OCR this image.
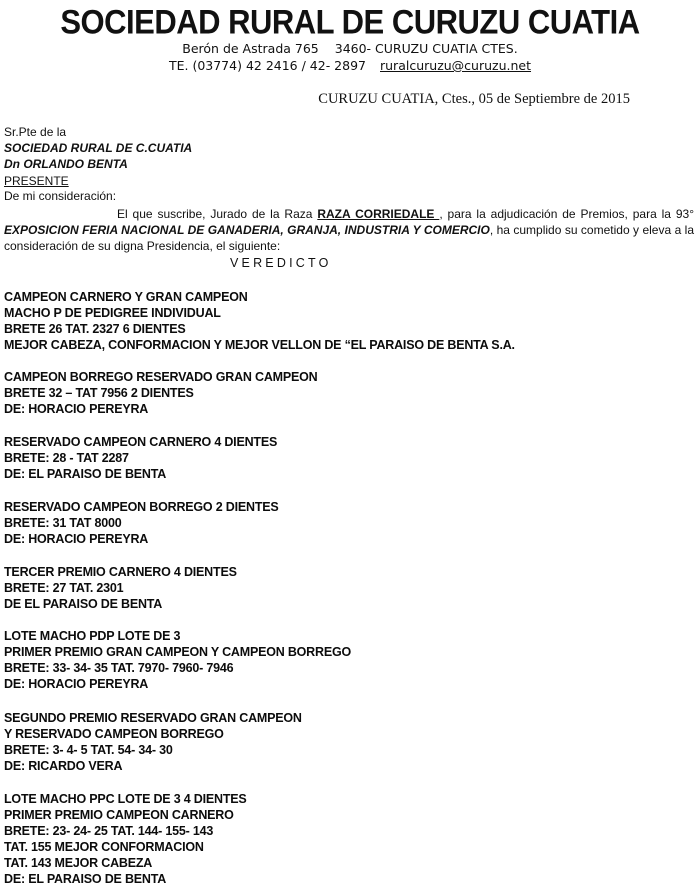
SOCIEDAD RURAL DE CURUZU CUATIA
Berón de Astrada 765 3460- CURUZU CUATIA CTES.
TE. (03774) 42 2416 / 42- 2897 ruralcuruzu@curuzu.net
CURUZU CUATIA, Ctes., 05 de Septiembre de 2015
Sr.Pte de la
SOCIEDAD RURAL DE C.CUATIA
Dn ORLANDO BENTA
PRESENTE
De mi consideración:
El que suscribe, Jurado de la Raza RAZA CORRIEDALE , para la adjudicación de Premios, para la 93° EXPOSICION FERIA NACIONAL DE GANADERIA, GRANJA, INDUSTRIA Y COMERCIO, ha cumplido su cometido y eleva a la consideración de su digna Presidencia, el siguiente:
VEREDICTO
CAMPEON CARNERO Y GRAN CAMPEON
MACHO P DE PEDIGREE INDIVIDUAL
BRETE 26 TAT. 2327 6 DIENTES
MEJOR CABEZA, CONFORMACION Y MEJOR VELLON DE “EL PARAISO DE BENTA S.A.
CAMPEON BORREGO RESERVADO GRAN CAMPEON
BRETE 32 – TAT 7956 2 DIENTES
DE: HORACIO PEREYRA
RESERVADO CAMPEON CARNERO 4 DIENTES
BRETE: 28 - TAT 2287
DE: EL PARAISO DE BENTA
RESERVADO CAMPEON BORREGO 2 DIENTES
BRETE: 31 TAT 8000
DE: HORACIO PEREYRA
TERCER PREMIO CARNERO 4 DIENTES
BRETE: 27 TAT. 2301
DE EL PARAISO DE BENTA
LOTE MACHO PDP LOTE DE 3
PRIMER PREMIO GRAN CAMPEON Y CAMPEON BORREGO
BRETE: 33- 34- 35 TAT. 7970- 7960- 7946
DE: HORACIO PEREYRA
SEGUNDO PREMIO RESERVADO GRAN CAMPEON
Y RESERVADO CAMPEON BORREGO
BRETE: 3- 4- 5 TAT. 54- 34- 30
DE: RICARDO VERA
LOTE MACHO PPC LOTE DE 3 4 DIENTES
PRIMER PREMIO CAMPEON CARNERO
BRETE: 23- 24- 25 TAT. 144- 155- 143
TAT. 155 MEJOR CONFORMACION
TAT. 143 MEJOR CABEZA
DE: EL PARAISO DE BENTA
